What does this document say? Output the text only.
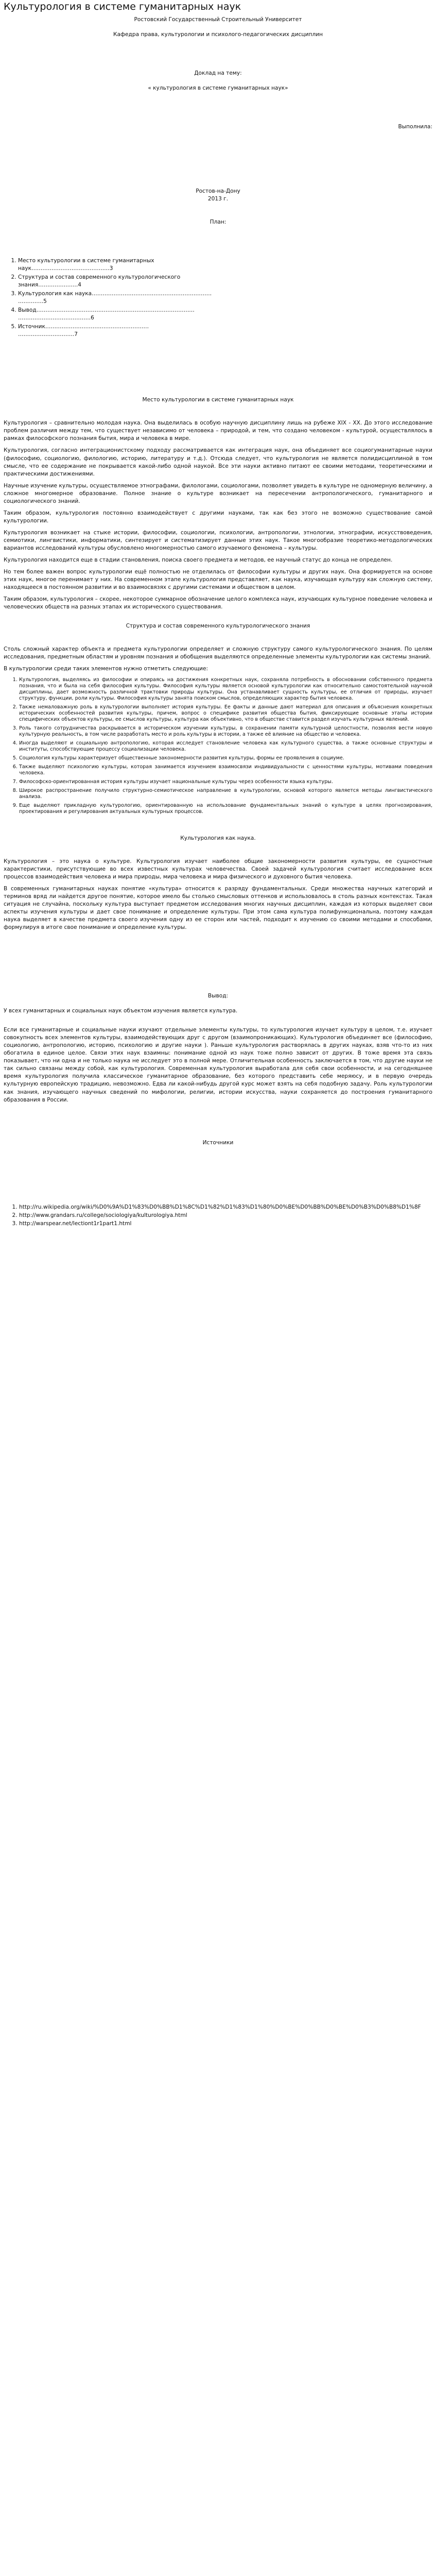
Культурология в системе гуманитарных наук

Ростовский Государственный Строительный Университет

Кафедра права, культурологии и психолого-педагогических дисциплин

Доклад на тему:

« культурология в системе гуманитарных наук»

Выполнила:

Ростов-на-Дону

2013 г.

План:

1. Место культурологии в системе гуманитарных
наук……………………………….……3
2. Структура и состав современного культурологического
знания……………..…..4
3. Культурология как наука…………………………………………………………
…………..5
4. Вывод……………………………………………………………………………
………………………………….6
5. Источник…………………………………………………
………………………….7

Место культурологии в системе гуманитарных наук

Культурология – сравнительно молодая наука. Она выделилась в особую научную дисциплину лишь на рубеже XIX - XX. До этого исследование проблем различия между тем, что существует независимо от человека – природой, и тем, что создано человеком - культурой, осуществлялось в рамках философского познания бытия, мира и человека в мире.

Культурология, согласно интеграционистскому подходу рассматривается как интеграция наук, она объединяет все социогуманитарные науки (философию, социологию, филологию, историю, литературу и т.д.). Отсюда следует, что культурология не является полидисциплиной в том смысле, что ее содержание не покрывается какой-либо одной наукой. Все эти науки активно питают ее своими методами, теоретическими и практическими достижениями.

Научные изучение культуры, осуществляемое этнографами, филологами, социологами, позволяет увидеть в культуре не одномерную величину, а сложное многомерное образование. Полное знание о культуре возникает на пересечении антропологического, гуманитарного и социологического знаний.

Таким образом, культурология постоянно взаимодействует с другими науками, так как без этого не возможно существование самой культурологии.

Культурология возникает на стыке истории, философии, социологии, психологии, антропологии, этнологии, этнографии, искусствоведения, семиотики, лингвистики, информатики, синтезирует и систематизирует данные этих наук. Такое многообразие теоретико-методологических вариантов исследований культуры обусловлено многомерностью самого изучаемого феномена – культуры.

Культурология находится еще в стадии становления, поиска своего предмета и методов, ее научный статус до конца не определен.

Но тем более важен вопрос культурологии ещё полностью не отделилась от философии культуры и других наук. Она формируется на основе этих наук, многое перенимает у них. На современном этапе культурология представляет, как наука, изучающая культуру как сложную систему, находящееся в постоянном развитии и во взаимосвязях с другими системами и обществом в целом.

Таким образом, культурология – скорее, некоторое суммарное обозначение целого комплекса наук, изучающих культурное поведение человека и человеческих обществ на разных этапах их исторического существования.

Структура и состав современного культурологического знания

Столь сложный характер объекта и предмета культурологии определяет и сложную структуру самого культурологического знания. По целям исследования, предметным областям и уровням познания и обобщения выделяются определенные элементы культурологии как системы знаний.

В культурологии среди таких элементов нужно отметить следующие:

1. Культурология, выделяясь из философии и опираясь на достижения конкретных наук, сохраняла потребность в обосновании собственного предмета познания, что и была на себя философия культуры. Философия культуры является основой культурологии как относительно самостоятельной научной дисциплины, дает возможность различной трактовки природы культуры. Она устанавливает сущность культуры, ее отличия от природы, изучает структуру, функции, роли культуры. Философия культуры занята поиском смыслов, определяющих характер бытия человека.
2. Также немаловажную роль в культурологии выполняет история культуры. Ее факты и данные дают материал для описания и объяснения конкретных исторических особенностей развития культуры, причем, вопрос о специфике развития общества бытия, фиксирующие основные этапы истории специфических объектов культуры, ее смыслов культуры, культура как объективно, что в обществе ставится раздел изучать культурных явлений.
3. Роль такого сотрудничества раскрывается в историческом изучении культуры, в сохранении памяти культурной целостности, позволяя вести новую культурную реальность, в том числе разработать место и роль культуры в истории, а также её влияние на общество и человека.
4. Иногда выделяют и социальную антропологию, которая исследует становление человека как культурного существа, а также основные структуры и институты, способствующие процессу социализации человека.
5. Социология культуры характеризует общественные закономерности развития культуры, формы ее проявления в социуме.
6. Также выделяют психологию культуры, которая занимается изучением взаимосвязи индивидуальности с ценностями культуры, мотивами поведения человека.
7. Философско-ориентированная история культуры изучает национальные культуры через особенности языка культуры.
8. Широкое распространение получило структурно-семиотическое направление в культурологии, основой которого является методы лингвистического анализа.
9. Еще выделяют прикладную культурологию, ориентированную на использование фундаментальных знаний о культуре в целях прогнозирования, проектирования и регулирования актуальных культурных процессов.

Культурология как наука.

Культурология – это наука о культуре. Культурология изучает наиболее общие закономерности развития культуры, ее сущностные характеристики, присутствующие во всех известных культурах человечества. Своей задачей культурология считает исследование всех процессов взаимодействия человека и мира природы, мира человека и мира физического и духовного бытия человека.

В современных гуманитарных науках понятие «культура» относится к разряду фундаментальных. Среди множества научных категорий и терминов вряд ли найдется другое понятие, которое имело бы столько смысловых оттенков и использовалось в столь разных контекстах. Такая ситуация не случайна, поскольку культура выступает предметом исследования многих научных дисциплин, каждая из которых выделяет свои аспекты изучения культуры и дает свое понимание и определение культуры. При этом сама культура полифункциональна, поэтому каждая наука выделяет в качестве предмета своего изучения одну из ее сторон или частей, подходит к изучению со своими методами и способами, формулируя в итоге свое понимание и определение культуры.

Вывод:

У всех гуманитарных и социальных наук объектом изучения является культура.

Если все гуманитарные и социальные науки изучают отдельные элементы культуры, то культурология изучает культуру в целом, т.е. изучает совокупность всех элементов культуры, взаимодействующих друг с другом (взаимопроникающих). Культурология объединяет все (философию, социологию, антропологию, историю, психологию и другие науки ). Раньше культурология растворялась в других науках, взяв что-то из них обогатила в единое целое. Связи этих наук взаимны: понимание одной из наук тоже полно зависит от других. В тоже время эта связь показывает, что ни одна и не только наука не исследует это в полной мере. Отличительная особенность заключается в том, что другие науки не так сильно связаны между собой, как культурология. Современная культурология выработала для себя свои особенности, и на сегодняшнее время культурология получила классическое гуманитарное образование, без которого представить себе меряюсу, и в первую очередь культурную европейскую традицию, невозможно. Едва ли какой-нибудь другой курс может взять на себя подобную задачу. Роль культурологии как знания, изучающего научных сведений по мифологии, религии, истории искусства, науки сохраняется до построения гуманитарного образования в России.

Источники

1. http://ru.wikipedia.org/wiki/%D0%9A%D1%83%D0%BB%D1%8C%D1%82%D1%83%D1%80%D0%BE%D0%BB%D0%BE%D0%B3%D0%B8%D1%8F
2. http://www.grandars.ru/college/sociologiya/kulturologiya.html
3. http://warspear.net/lectiont1r1part1.html
